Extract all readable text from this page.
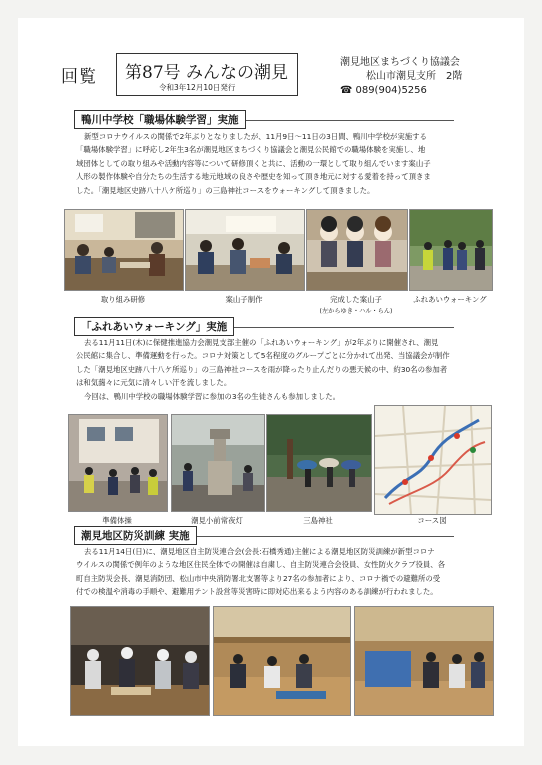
回覧 第87号 みんなの潮見
令和3年12月10日発行
潮見地区まちづくり協議会
松山市潮見支所　2階
☎ 089(904)5256
鴨川中学校「職場体験学習」実施

新型コロナウイルスの関係で2年ぶりとなりましたが、11月9日～11日の3日間、鴨川中学校が実施する

「職場体験学習」に呼応し2年生3名が潮見地区まちづくり協議会と潮見公民館での職場体験を実施し、地

域団体としての取り組みや活動内容等について研修頂くと共に、活動の一環として取り組んでいます案山子

人形の製作体験や自分たちの生活する地元地域の良さや歴史を知って頂き地元に対する愛着を持って頂きま

した。「潮見地区史跡八十八ケ所巡り」の三島神社コースをウォーキングして頂きました。

取り組み研修	案山子制作	完成した案山子
(左からゆき・ハル・らん)
ふれあいウォーキング
「ふれあいウォーキング」実施

去る11月11日(木)に保健推進協力会潮見支部主催の「ふれあいウォーキング」が2年ぶりに開催され、潮見

公民館に集合し、準備運動を行った。コロナ対策として5名程度のグループごとに分かれて出発、当協議会が制作

した「潮見地区史跡八十八ケ所巡り」の三島神社コースを雨が降ったり止んだりの悪天候の中、約30名の参加者

は和気藹々に元気に清々しい汗を流しました。

今回は、鴨川中学校の職場体験学習に参加の3名の生徒さんも参加しました。

準備体操	潮見小前常夜灯	三島神社	コース図
潮見地区防災訓練 実施

去る11月14日(日)に、潮見地区自主防災連合会(会長:石橋秀通)主催による潮見地区防災訓練が新型コロナ

ウイルスの関係で例年のような地区住民全体での開催は自粛し、自主防災連合会役員、女性防火クラブ役員、各

町自主防災会長、潮見消防団、松山市中央消防署北支署等より27名の参加者により、コロナ禍での避難所の受

付での検温や消毒の手順や、避難用テント設営等災害時に即対応出来るよう内容のある訓練が行われました。
